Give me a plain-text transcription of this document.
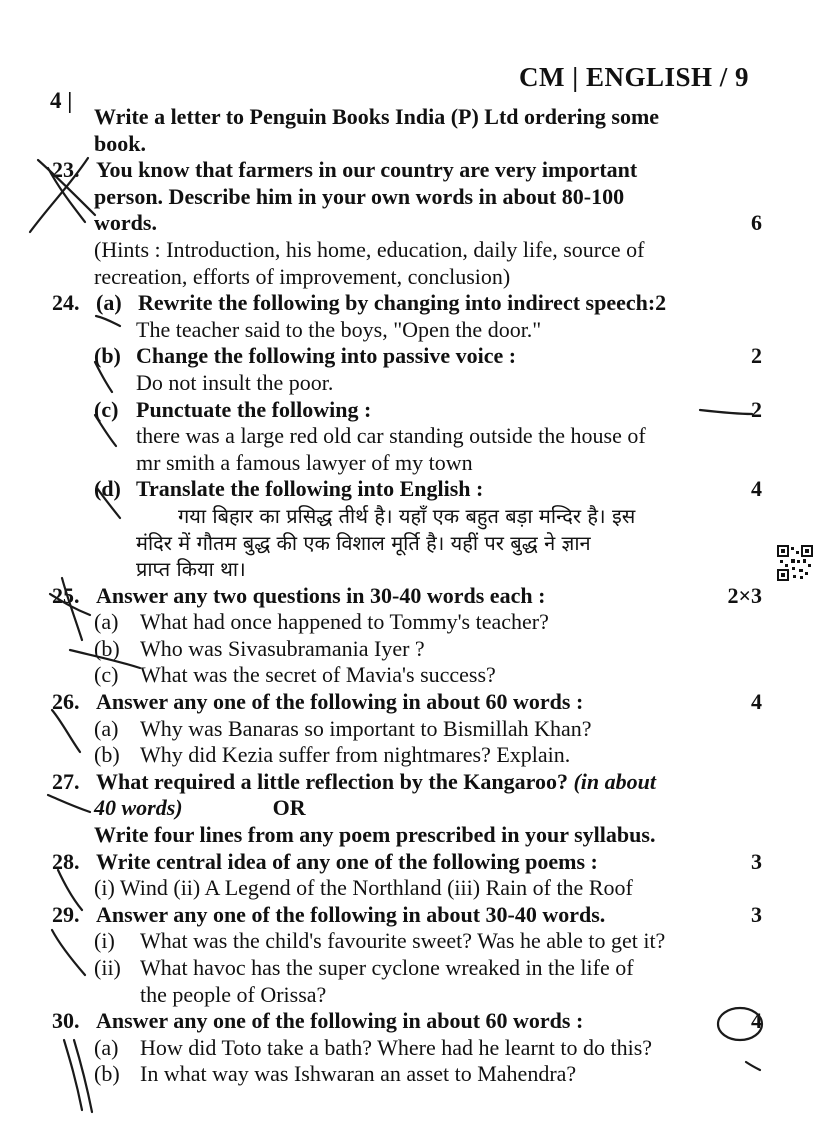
4 |
CM | ENGLISH / 9
Write a letter to Penguin Books India (P) Ltd ordering some
book.
23. You know that farmers in our country are very important
person. Describe him in your own words in about 80-100
words.	6
(Hints : Introduction, his home, education, daily life, source of
recreation, efforts of improvement, conclusion)
24. (a) Rewrite the following by changing into indirect speech:2
The teacher said to the boys, "Open the door."
(b) Change the following into passive voice :	2
Do not insult the poor.
(c) Punctuate the following :	2
there was a large red old car standing outside the house of
mr smith a famous lawyer of my town
(d) Translate the following into English :	4
गया बिहार का प्रसिद्ध तीर्थ है। यहाँ एक बहुत बड़ा मन्दिर है। इस
मंदिर में गौतम बुद्ध की एक विशाल मूर्ति है। यहीं पर बुद्ध ने ज्ञान
प्राप्त किया था।
25. Answer any two questions in 30-40 words each :	2×3
(a) What had once happened to Tommy's teacher?
(b) Who was Sivasubramania Iyer ?
(c) What was the secret of Mavia's success?
26. Answer any one of the following in about 60 words :	4
(a) Why was Banaras so important to Bismillah Khan?
(b) Why did Kezia suffer from nightmares? Explain.
27. What required a little reflection by the Kangaroo? (in about
40 words)	OR
Write four lines from any poem prescribed in your syllabus.
28. Write central idea of any one of the following poems :	3
(i) Wind (ii) A Legend of the Northland (iii) Rain of the Roof
29. Answer any one of the following in about 30-40 words.	3
(i) What was the child's favourite sweet? Was he able to get it?
(ii) What havoc has the super cyclone wreaked in the life of
the people of Orissa?
30. Answer any one of the following in about 60 words :	4
(a) How did Toto take a bath? Where had he learnt to do this?
(b) In what way was Ishwaran an asset to Mahendra?
